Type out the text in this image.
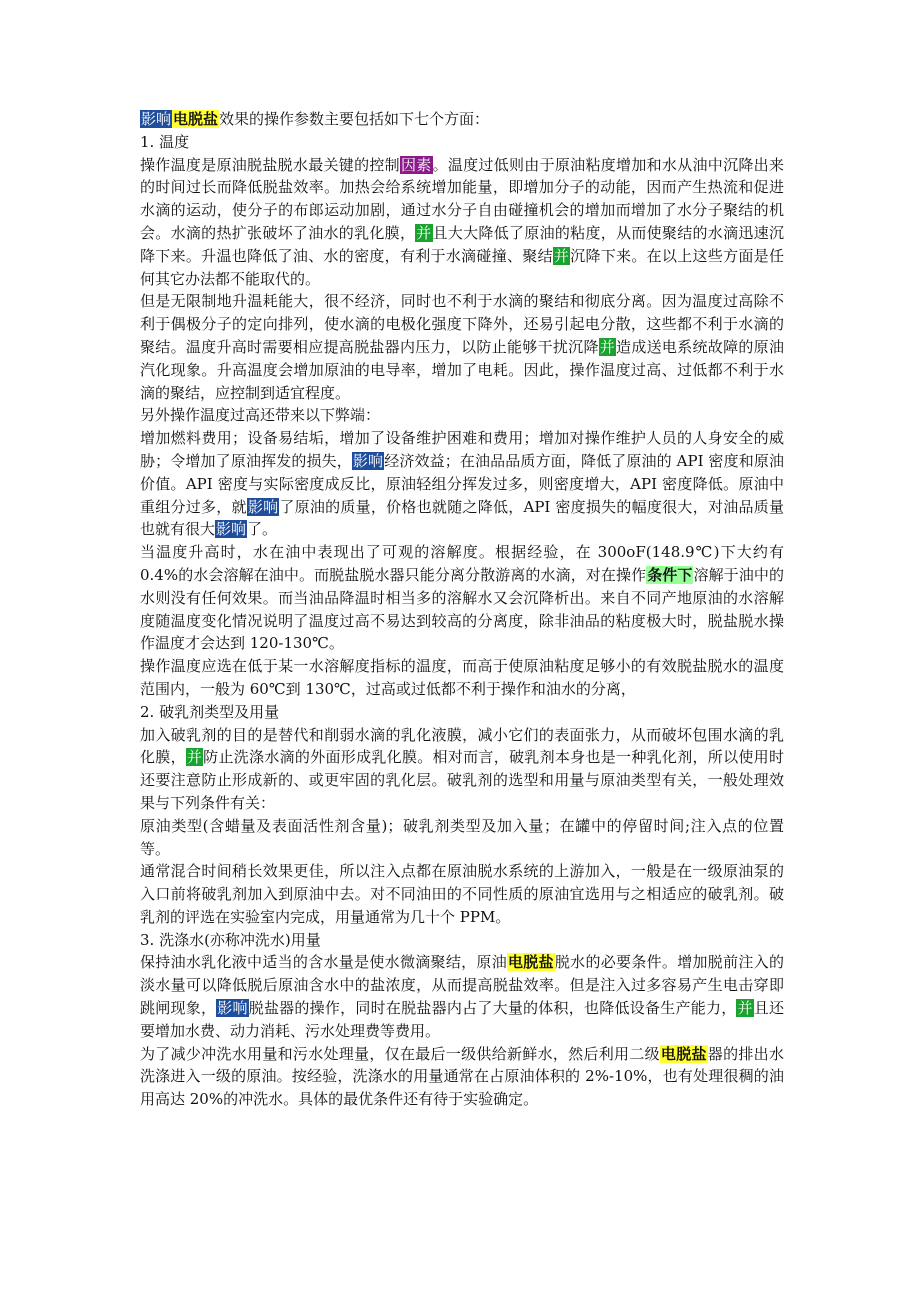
影响 电脱盐效果的操作参数主要包括如下七个方面：

1. 温度

操作温度是原油脱盐脱水最关键的控制因素。温度过低则由于原油粘度增加和水从油中沉降出来的时间过长而降低脱盐效率。加热会给系统增加能量，即增加分子的动能，因而产生热流和促进水滴的运动，使分子的布郎运动加剧，通过水分子自由碰撞机会的增加而增加了水分子聚结的机会。水滴的热扩张破坏了油水的乳化膜，并且大大降低了原油的粘度，从而使聚结的水滴迅速沉降下来。升温也降低了油、水的密度，有利于水滴碰撞、聚结并沉降下来。在以上这些方面是任何其它办法都不能取代的。

但是无限制地升温耗能大，很不经济，同时也不利于水滴的聚结和彻底分离。因为温度过高除不利于偶极分子的定向排列，使水滴的电极化强度下降外，还易引起电分散，这些都不利于水滴的聚结。温度升高时需要相应提高脱盐器内压力，以防止能够干扰沉降并造成送电系统故障的原油汽化现象。升高温度会增加原油的电导率，增加了电耗。因此，操作温度过高、过低都不利于水滴的聚结，应控制到适宜程度。

另外操作温度过高还带来以下弊端：

增加燃料费用；设备易结垢，增加了设备维护困难和费用；增加对操作维护人员的人身安全的威胁；令增加了原油挥发的损失，影响经济效益；在油品品质方面，降低了原油的 API 密度和原油价值。API 密度与实际密度成反比，原油轻组分挥发过多，则密度增大，API 密度降低。原油中重组分过多，就影响了原油的质量，价格也就随之降低，API 密度损失的幅度很大，对油品质量也就有很大影响了。

当温度升高时，水在油中表现出了可观的溶解度。根据经验，在 300oF(148.9℃)下大约有 0.4%的水会溶解在油中。而脱盐脱水器只能分离分散游离的水滴，对在操作条件下溶解于油中的水则没有任何效果。而当油品降温时相当多的溶解水又会沉降析出。来自不同产地原油的水溶解度随温度变化情况说明了温度过高不易达到较高的分离度，除非油品的粘度极大时，脱盐脱水操作温度才会达到 120-130℃。

操作温度应选在低于某一水溶解度指标的温度，而高于使原油粘度足够小的有效脱盐脱水的温度范围内，一般为 60℃到 130℃，过高或过低都不利于操作和油水的分离，

2. 破乳剂类型及用量

加入破乳剂的目的是替代和削弱水滴的乳化液膜，减小它们的表面张力，从而破坏包围水滴的乳化膜，并防止洗涤水滴的外面形成乳化膜。相对而言，破乳剂本身也是一种乳化剂，所以使用时还要注意防止形成新的、或更牢固的乳化层。破乳剂的选型和用量与原油类型有关，一般处理效果与下列条件有关：

原油类型(含蜡量及表面活性剂含量)；破乳剂类型及加入量；在罐中的停留时间;注入点的位置等。

通常混合时间稍长效果更佳，所以注入点都在原油脱水系统的上游加入，一般是在一级原油泵的入口前将破乳剂加入到原油中去。对不同油田的不同性质的原油宜选用与之相适应的破乳剂。破乳剂的评选在实验室内完成，用量通常为几十个 PPM。

3. 洗涤水(亦称冲洗水)用量

保持油水乳化液中适当的含水量是使水微滴聚结，原油电脱盐脱水的必要条件。增加脱前注入的淡水量可以降低脱后原油含水中的盐浓度，从而提高脱盐效率。但是注入过多容易产生电击穿即跳闸现象，影响脱盐器的操作，同时在脱盐器内占了大量的体积，也降低设备生产能力，并且还要增加水费、动力消耗、污水处理费等费用。

为了减少冲洗水用量和污水处理量，仅在最后一级供给新鲜水，然后利用二级电脱盐器的排出水洗涤进入一级的原油。按经验，洗涤水的用量通常在占原油体积的 2%-10%，也有处理很稠的油用高达 20%的冲洗水。具体的最优条件还有待于实验确定。
